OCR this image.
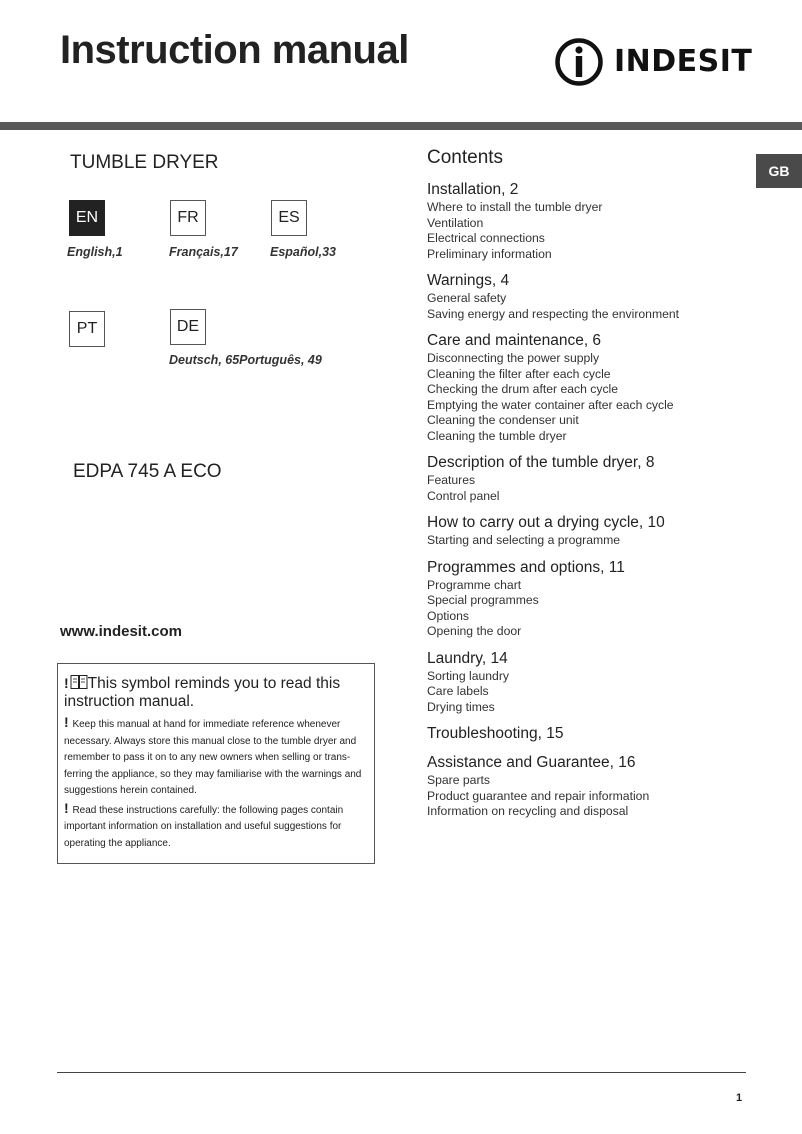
Instruction manual	INDESIT
GB
TUMBLE DRYER
EN	FR	ES
English,1	Français,17	Español,33
PT	DE
Deutsch, 65Português, 49
EDPA 745 A ECO
www.indesit.com
! This symbol reminds you to read this instruction manual.

! Keep this manual at hand for immediate reference whenever necessary. Always store this manual close to the tumble dryer and remember to pass it on to any new owners when selling or trans-ferring the appliance, so they may familiarise with the warnings and suggestions herein contained.

! Read these instructions carefully: the following pages contain important information on installation and useful suggestions for operating the appliance.

Contents
Installation, 2
Where to install the tumble dryer
Ventilation
Electrical connections
Preliminary information
Warnings, 4
General safety
Saving energy and respecting the environment
Care and maintenance, 6
Disconnecting the power supply
Cleaning the filter after each cycle
Checking the drum after each cycle
Emptying the water container after each cycle
Cleaning the condenser unit
Cleaning the tumble dryer
Description of the tumble dryer, 8
Features
Control panel
How to carry out a drying cycle, 10
Starting and selecting a programme
Programmes and options, 11
Programme chart
Special programmes
Options
Opening the door
Laundry, 14
Sorting laundry
Care labels
Drying times
Troubleshooting, 15
Assistance and Guarantee, 16
Spare parts
Product guarantee and repair information
Information on recycling and disposal
1
